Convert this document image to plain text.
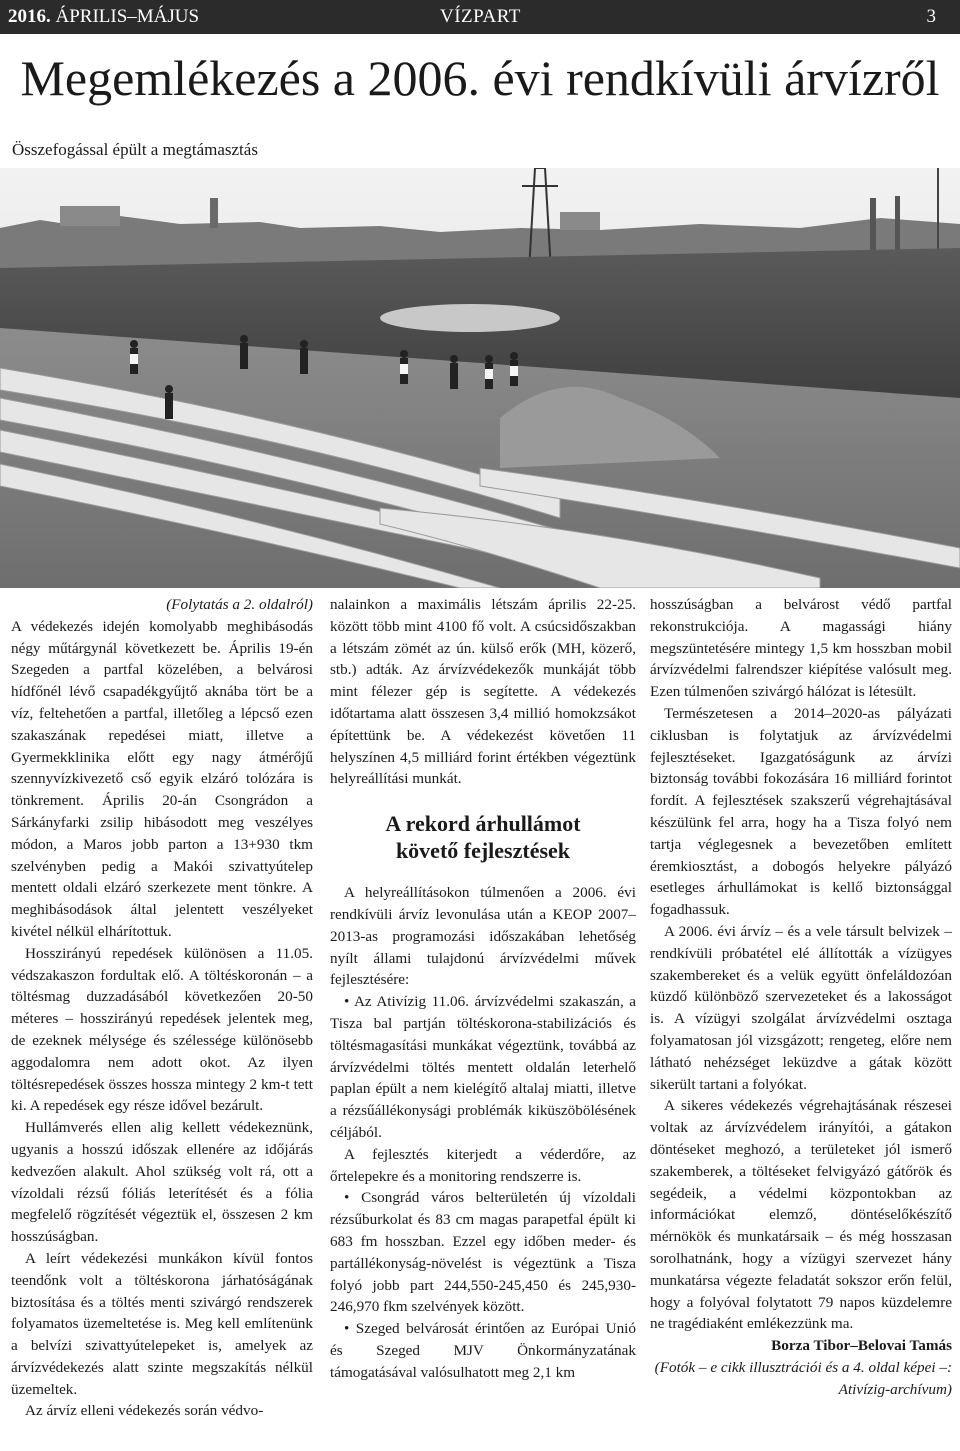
2016. ÁPRILIS–MÁJUS	VÍZPART	3
Megemlékezés a 2006. évi rendkívüli árvízről

Összefogással épült a megtámasztás

(Folytatás a 2. oldalról)

A védekezés idején komolyabb meghibásodás négy műtárgynál következett be. Április 19-én Szegeden a partfal közelében, a belvárosi hídfőnél lévő csapadékgyűjtő aknába tört be a víz, feltehetően a partfal, illetőleg a lépcső ezen szakaszának repedései miatt, illetve a Gyermekklinika előtt egy nagy átmérőjű szennyvízkivezető cső egyik elzáró tolózára is tönkrement. Április 20-án Csongrádon a Sárkányfarki zsilip hibásodott meg veszélyes módon, a Maros jobb parton a 13+930 tkm szelvényben pedig a Makói szivattyútelep mentett oldali elzáró szerkezete ment tönkre. A meghibásodások által jelentett veszélyeket kivétel nélkül elhárítottuk.

Hosszirányú repedések különösen a 11.05. védszakaszon fordultak elő. A töltéskoronán – a töltésmag duzzadásából következően 20-50 méteres – hosszirányú repedések jelentek meg, de ezeknek mélysége és szélessége különösebb aggodalomra nem adott okot. Az ilyen töltésrepedések összes hossza mintegy 2 km-t tett ki. A repedések egy része idővel bezárult.

Hullámverés ellen alig kellett védekeznünk, ugyanis a hosszú időszak ellenére az időjárás kedvezően alakult. Ahol szükség volt rá, ott a vízoldali rézsű fóliás leterítését és a fólia megfelelő rögzítését végeztük el, összesen 2 km hosszúságban.

A leírt védekezési munkákon kívül fontos teendőnk volt a töltéskorona járhatóságának biztosítása és a töltés menti szivárgó rendszerek folyamatos üzemeltetése is. Meg kell említenünk a belvízi szivattyútelepeket is, amelyek az árvízvédekezés alatt szinte megszakítás nélkül üzemeltek.

Az árvíz elleni védekezés során védvo-

nalainkon a maximális létszám április 22-25. között több mint 4100 fő volt. A csúcsidőszakban a létszám zömét az ún. külső erők (MH, közerő, stb.) adták. Az árvízvédekezők munkáját több mint félezer gép is segítette. A védekezés időtartama alatt összesen 3,4 millió homokzsákot építettünk be. A védekezést követően 11 helyszínen 4,5 milliárd forint értékben végeztünk helyreállítási munkát.

A rekord árhullámot
követő fejlesztések

A helyreállításokon túlmenően a 2006. évi rendkívüli árvíz levonulása után a KEOP 2007–2013-as programozási időszakában lehetőség nyílt állami tulajdonú árvízvédelmi művek fejlesztésére:

• Az Ativízig 11.06. árvízvédelmi szakaszán, a Tisza bal partján töltéskorona-stabilizációs és töltésmagasítási munkákat végeztünk, továbbá az árvízvédelmi töltés mentett oldalán leterhelő paplan épült a nem kielégítő altalaj miatti, illetve a rézsűállékonysági problémák kiküszöbölésének céljából.

A fejlesztés kiterjedt a véderdőre, az őrtelepekre és a monitoring rendszerre is.

• Csongrád város belterületén új vízoldali rézsűburkolat és 83 cm magas parapetfal épült ki 683 fm hosszban. Ezzel egy időben meder- és partállékonyság-növelést is végeztünk a Tisza folyó jobb part 244,550-245,450 és 245,930-246,970 fkm szelvények között.

• Szeged belvárosát érintően az Európai Unió és Szeged MJV Önkormányzatának támogatásával valósulhatott meg 2,1 km

hosszúságban a belvárost védő partfal rekonstrukciója. A magassági hiány megszüntetésére mintegy 1,5 km hosszban mobil árvízvédelmi falrendszer kiépítése valósult meg. Ezen túlmenően szivárgó hálózat is létesült.

Természetesen a 2014–2020-as pályázati ciklusban is folytatjuk az árvízvédelmi fejlesztéseket. Igazgatóságunk az árvízi biztonság további fokozására 16 milliárd forintot fordít. A fejlesztések szakszerű végrehajtásával készülünk fel arra, hogy ha a Tisza folyó nem tartja véglegesnek a bevezetőben említett éremkiosztást, a dobogós helyekre pályázó esetleges árhullámokat is kellő biztonsággal fogadhassuk.

A 2006. évi árvíz – és a vele társult belvizek – rendkívüli próbatétel elé állították a vízügyes szakembereket és a velük együtt önfeláldozóan küzdő különböző szervezeteket és a lakosságot is. A vízügyi szolgálat árvízvédelmi osztaga folyamatosan jól vizsgázott; rengeteg, előre nem látható nehézséget leküzdve a gátak között sikerült tartani a folyókat.

A sikeres védekezés végrehajtásának részesei voltak az árvízvédelem irányítói, a gátakon döntéseket meghozó, a területeket jól ismerő szakemberek, a töltéseket felvigyázó gátőrök és segédeik, a védelmi központokban az információkat elemző, döntéselőkészítő mérnökök és munkatársaik – és még hosszasan sorolhatnánk, hogy a vízügyi szervezet hány munkatársa végezte feladatát sokszor erőn felül, hogy a folyóval folytatott 79 napos küzdelemre ne tragédiaként emlékezzünk ma.

Borza Tibor–Belovai Tamás

(Fotók – e cikk illusztrációi és a 4. oldal képei –: Ativízig-archívum)
